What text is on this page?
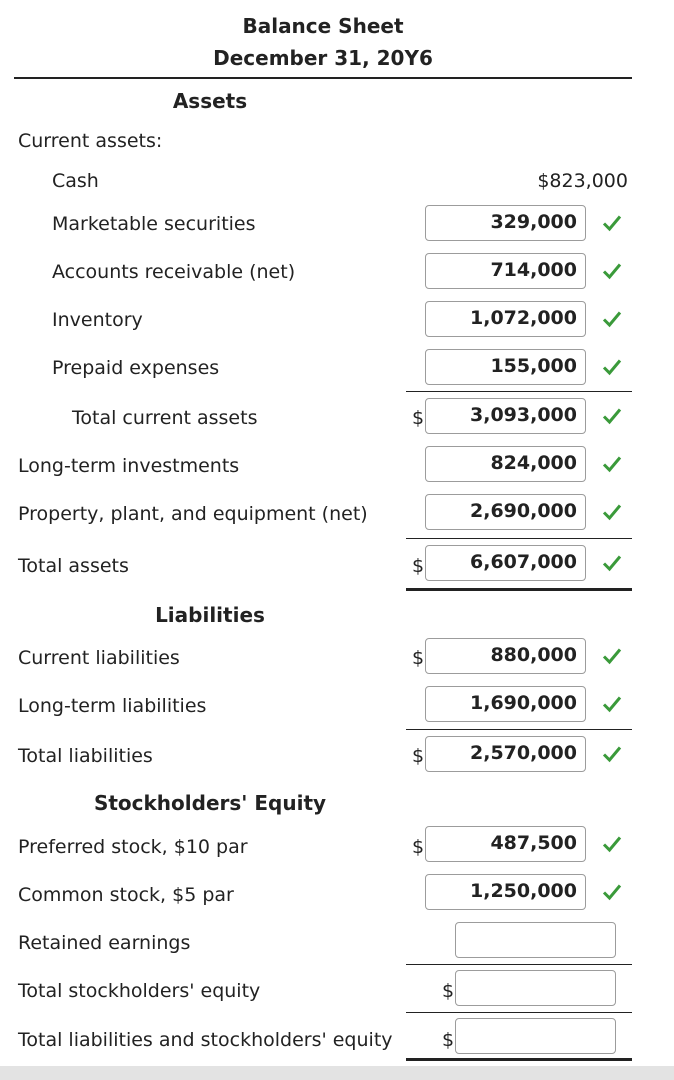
Balance Sheet
December 31, 20Y6
Assets
Current assets:
Cash	$823,000
Marketable securities	329,000
Accounts receivable (net)	714,000
Inventory	1,072,000
Prepaid expenses	155,000
Total current assets	$	3,093,000
Long-term investments	824,000
Property, plant, and equipment (net)	2,690,000
Total assets	$	6,607,000
Liabilities
Current liabilities	$	880,000
Long-term liabilities	1,690,000
Total liabilities	$	2,570,000
Stockholders' Equity
Preferred stock, $10 par	$	487,500
Common stock, $5 par	1,250,000
Retained earnings
Total stockholders' equity	$
Total liabilities and stockholders' equity	$
